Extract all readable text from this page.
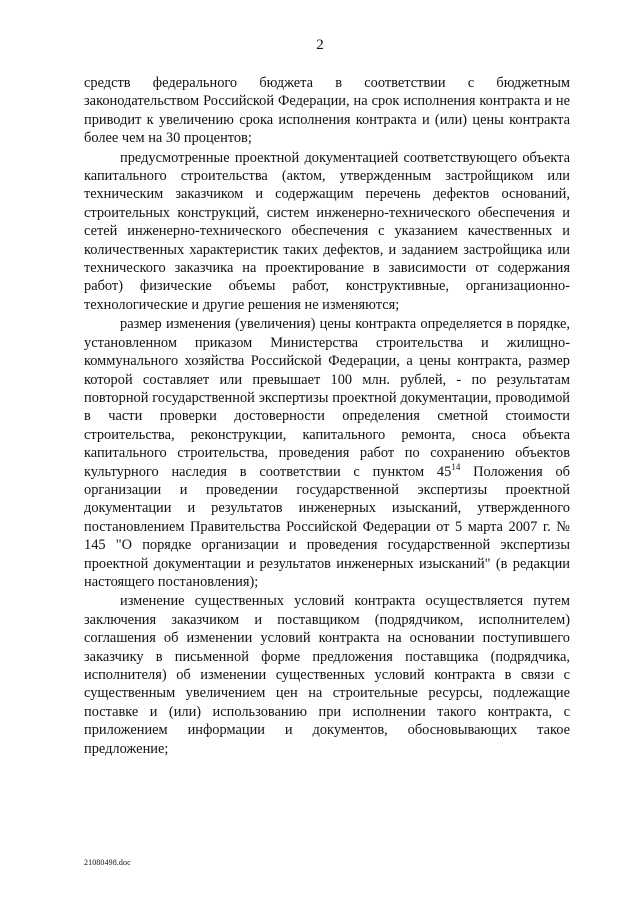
2

средств федерального бюджета в соответствии с бюджетным законодательством Российской Федерации, на срок исполнения контракта и не приводит к увеличению срока исполнения контракта и (или) цены контракта более чем на 30 процентов;

предусмотренные проектной документацией соответствующего объекта капитального строительства (актом, утвержденным застройщиком или техническим заказчиком и содержащим перечень дефектов оснований, строительных конструкций, систем инженерно-технического обеспечения и сетей инженерно-технического обеспечения с указанием качественных и количественных характеристик таких дефектов, и заданием застройщика или технического заказчика на проектирование в зависимости от содержания работ) физические объемы работ, конструктивные, организационно-технологические и другие решения не изменяются;

размер изменения (увеличения) цены контракта определяется в порядке, установленном приказом Министерства строительства и жилищно-коммунального хозяйства Российской Федерации, а цены контракта, размер которой составляет или превышает 100 млн. рублей, - по результатам повторной государственной экспертизы проектной документации, проводимой в части проверки достоверности определения сметной стоимости строительства, реконструкции, капитального ремонта, сноса объекта капитального строительства, проведения работ по сохранению объектов культурного наследия в соответствии с пунктом $45^{14}$ Положения об организации и проведении государственной экспертизы проектной документации и результатов инженерных изысканий, утвержденного постановлением Правительства Российской Федерации от 5 марта 2007 г. № 145 "О порядке организации и проведения государственной экспертизы проектной документации и результатов инженерных изысканий" (в редакции настоящего постановления);

изменение существенных условий контракта осуществляется путем заключения заказчиком и поставщиком (подрядчиком, исполнителем) соглашения об изменении условий контракта на основании поступившего заказчику в письменной форме предложения поставщика (подрядчика, исполнителя) об изменении существенных условий контракта в связи с существенным увеличением цен на строительные ресурсы, подлежащие поставке и (или) использованию при исполнении такого контракта, с приложением информации и документов, обосновывающих такое предложение;

21080498.doc
